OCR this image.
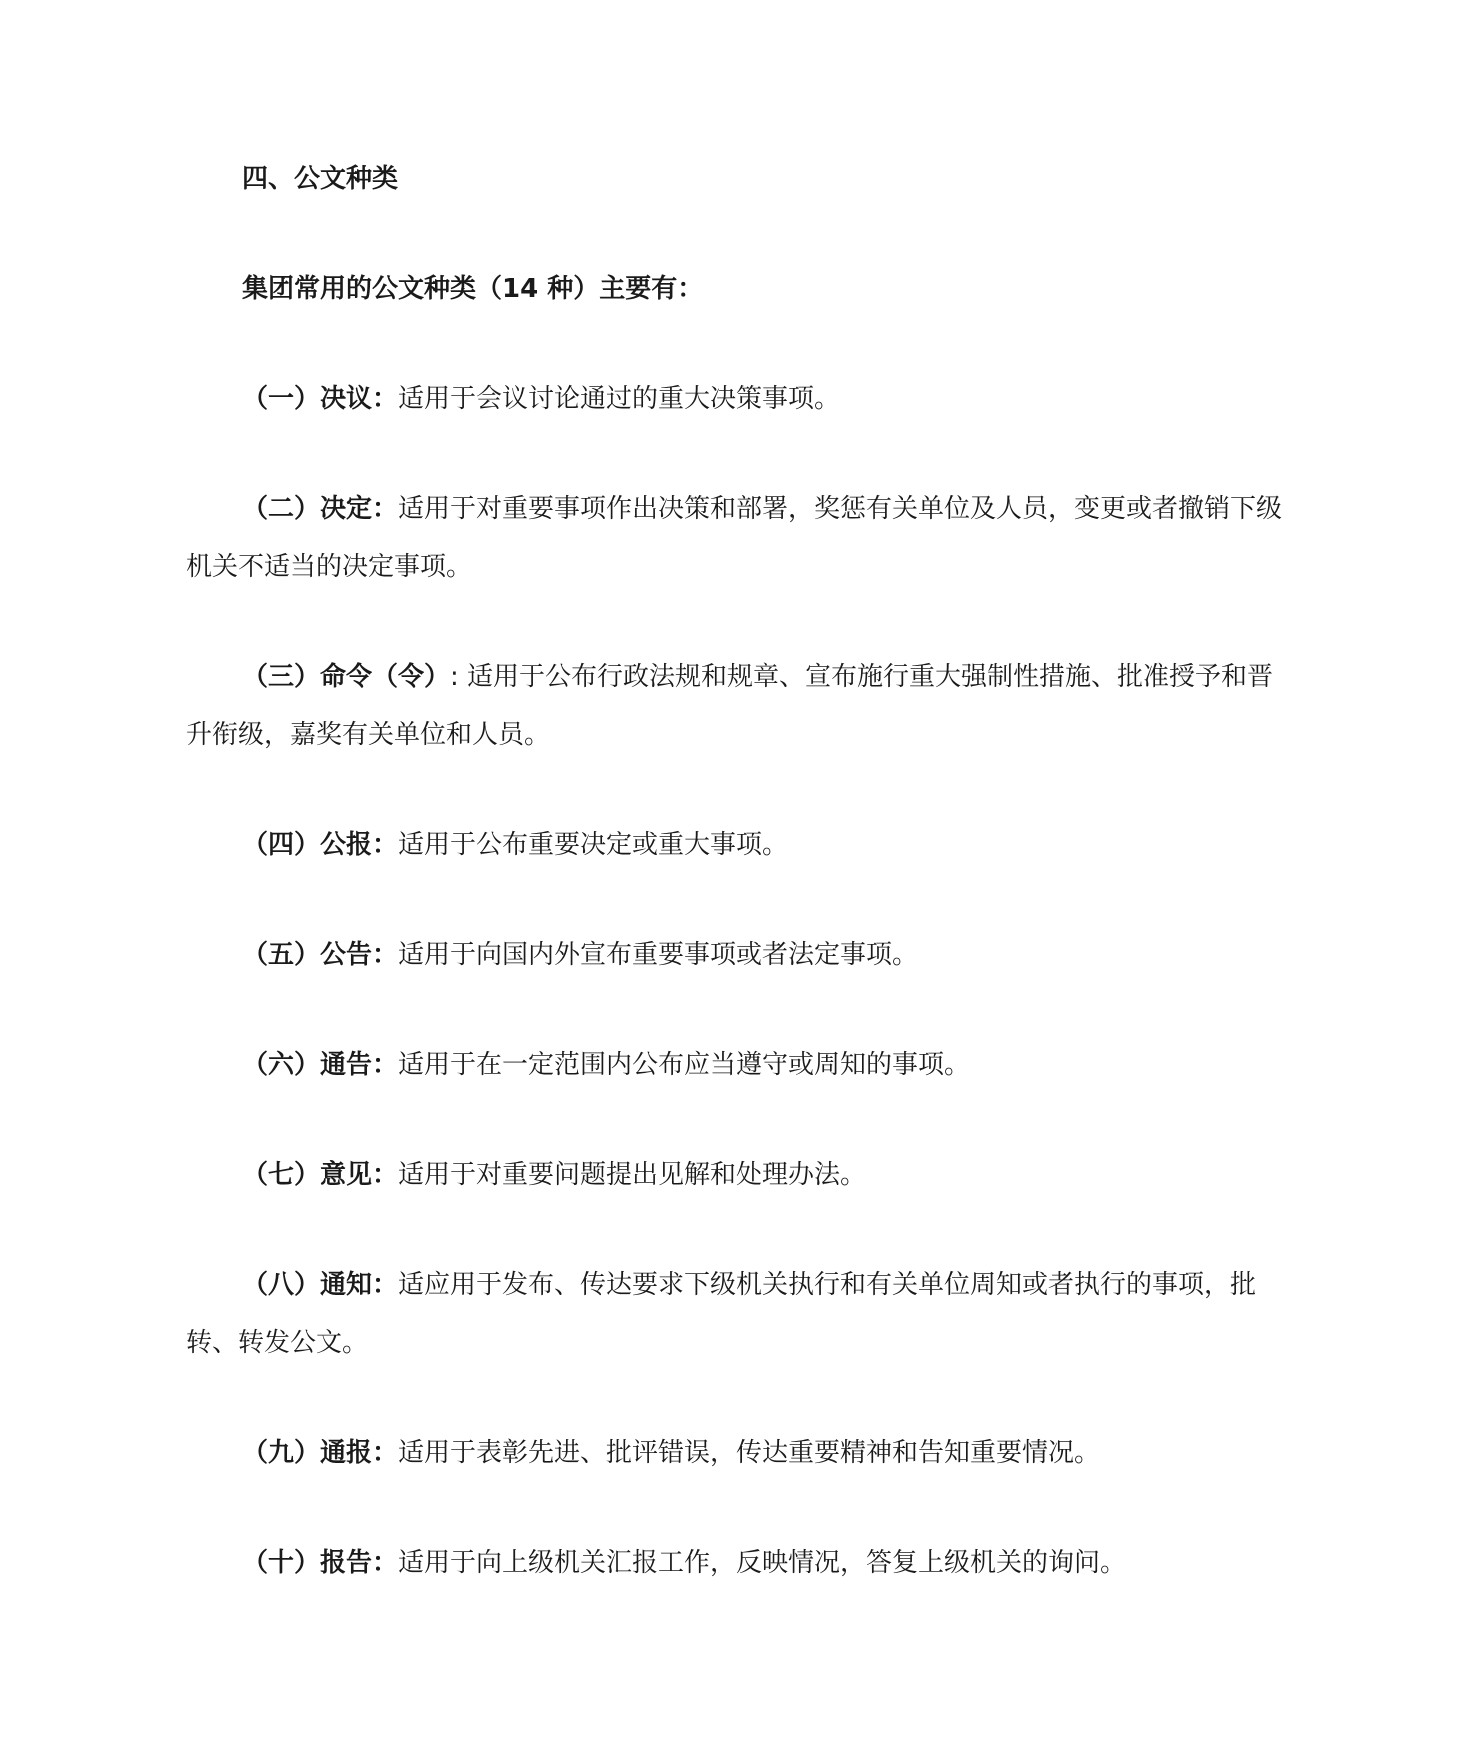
四、公文种类

集团常用的公文种类（14 种）主要有：

（一）决议：适用于会议讨论通过的重大决策事项。

（二）决定：适用于对重要事项作出决策和部署，奖惩有关单位及人员，变更或者撤销下级机关不适当的决定事项。

（三）命令（令）: 适用于公布行政法规和规章、宣布施行重大强制性措施、批准授予和晋升衔级，嘉奖有关单位和人员。

（四）公报：适用于公布重要决定或重大事项。

（五）公告：适用于向国内外宣布重要事项或者法定事项。

（六）通告：适用于在一定范围内公布应当遵守或周知的事项。

（七）意见：适用于对重要问题提出见解和处理办法。

（八）通知：适应用于发布、传达要求下级机关执行和有关单位周知或者执行的事项，批转、转发公文。

（九）通报：适用于表彰先进、批评错误，传达重要精神和告知重要情况。

（十）报告：适用于向上级机关汇报工作，反映情况，答复上级机关的询问。
